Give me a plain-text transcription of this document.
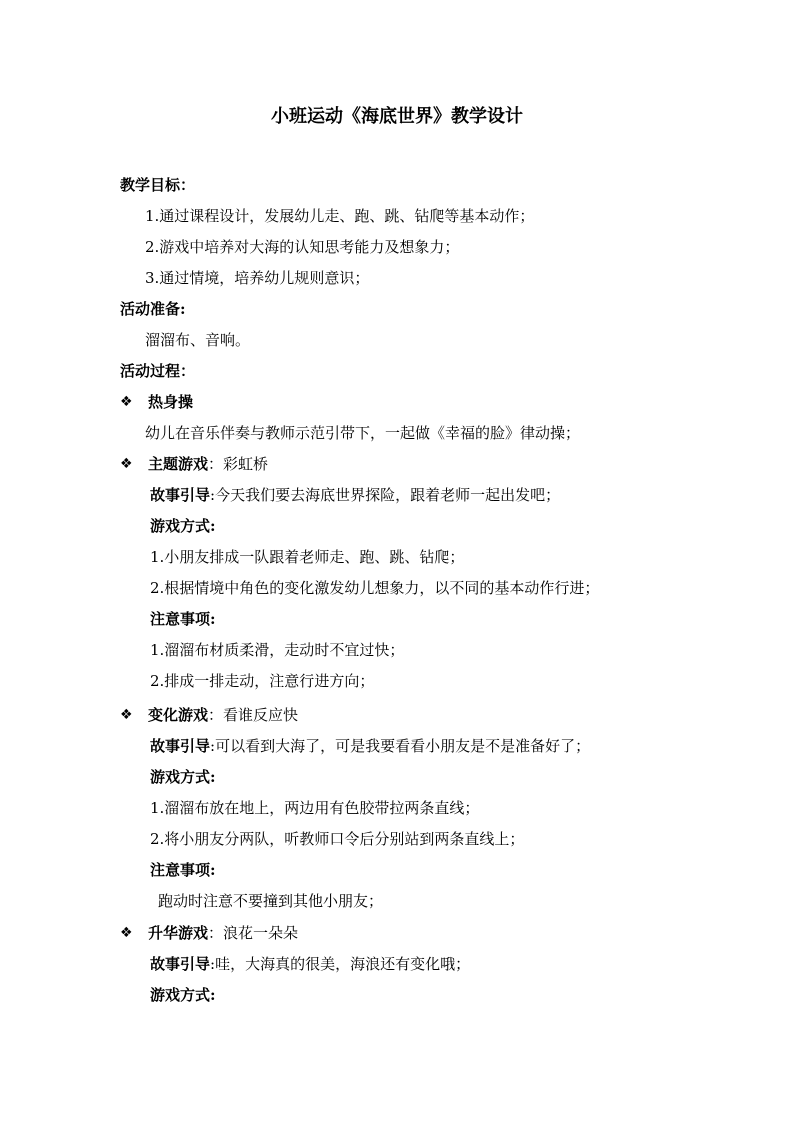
小班运动《海底世界》教学设计
教学目标：
1.通过课程设计，发展幼儿走、跑、跳、钻爬等基本动作；
2.游戏中培养对大海的认知思考能力及想象力；
3.通过情境，培养幼儿规则意识；
活动准备:
溜溜布、音响。
活动过程：
❖ 热身操
幼儿在音乐伴奏与教师示范引带下，一起做《幸福的脸》律动操；
❖ 主题游戏：彩虹桥
故事引导:今天我们要去海底世界探险，跟着老师一起出发吧；
游戏方式:
1.小朋友排成一队跟着老师走、跑、跳、钻爬；
2.根据情境中角色的变化激发幼儿想象力，以不同的基本动作行进；
注意事项:
1.溜溜布材质柔滑，走动时不宜过快；
2.排成一排走动，注意行进方向；
❖ 变化游戏：看谁反应快
故事引导:可以看到大海了，可是我要看看小朋友是不是准备好了；
游戏方式:
1.溜溜布放在地上，两边用有色胶带拉两条直线；
2.将小朋友分两队，听教师口令后分别站到两条直线上；
注意事项:
跑动时注意不要撞到其他小朋友；
❖ 升华游戏：浪花一朵朵
故事引导:哇，大海真的很美，海浪还有变化哦；
游戏方式:
